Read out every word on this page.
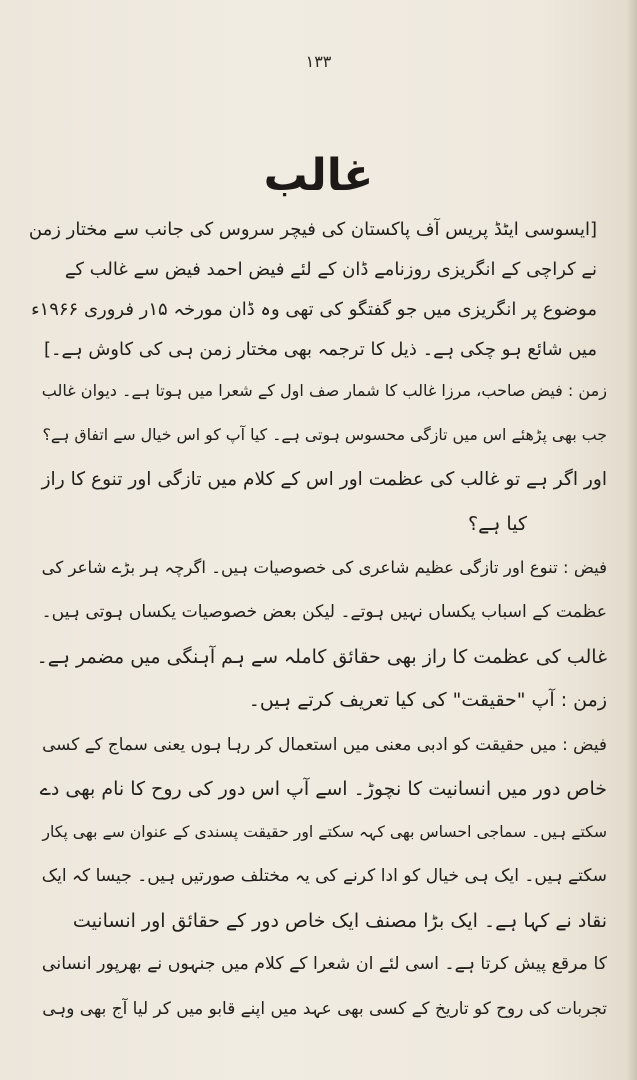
۱۳۳
غالب
[ایسوسی ایٹڈ پریس آف پاکستان کی فیچر سروس کی جانب سے مختار زمن
نے کراچی کے انگریزی روزنامے ڈان کے لئے فیض احمد فیض سے غالب کے
موضوع پر انگریزی میں جو گفتگو کی تھی وہ ڈان مورخہ ۱۵ر فروری ۱۹۶۶ء
میں شائع ہو چکی ہے۔ ذیل کا ترجمہ بھی مختار زمن ہی کی کاوش ہے۔]
زمن : فیض صاحب، مرزا غالب کا شمار صف اول کے شعرا میں ہوتا ہے۔ دیوان غالب
جب بھی پڑھئے اس میں تازگی محسوس ہوتی ہے۔ کیا آپ کو اس خیال سے اتفاق ہے؟
اور اگر ہے تو غالب کی عظمت اور اس کے کلام میں تازگی اور تنوع کا راز
کیا ہے؟
فیض : تنوع اور تازگی عظیم شاعری کی خصوصیات ہیں۔ اگرچہ ہر بڑے شاعر کی
عظمت کے اسباب یکساں نہیں ہوتے۔ لیکن بعض خصوصیات یکساں ہوتی ہیں۔
غالب کی عظمت کا راز بھی حقائق کاملہ سے ہم آہنگی میں مضمر ہے۔
زمن : آپ "حقیقت" کی کیا تعریف کرتے ہیں۔
فیض : میں حقیقت کو ادبی معنی میں استعمال کر رہا ہوں یعنی سماج کے کسی
خاص دور میں انسانیت کا نچوڑ۔ اسے آپ اس دور کی روح کا نام بھی دے
سکتے ہیں۔ سماجی احساس بھی کہہ سکتے اور حقیقت پسندی کے عنوان سے بھی پکار
سکتے ہیں۔ ایک ہی خیال کو ادا کرنے کی یہ مختلف صورتیں ہیں۔ جیسا کہ ایک
نقاد نے کہا ہے۔ ایک بڑا مصنف ایک خاص دور کے حقائق اور انسانیت
کا مرقع پیش کرتا ہے۔ اسی لئے ان شعرا کے کلام میں جنہوں نے بھرپور انسانی
تجربات کی روح کو تاریخ کے کسی بھی عہد میں اپنے قابو میں کر لیا آج بھی وہی
